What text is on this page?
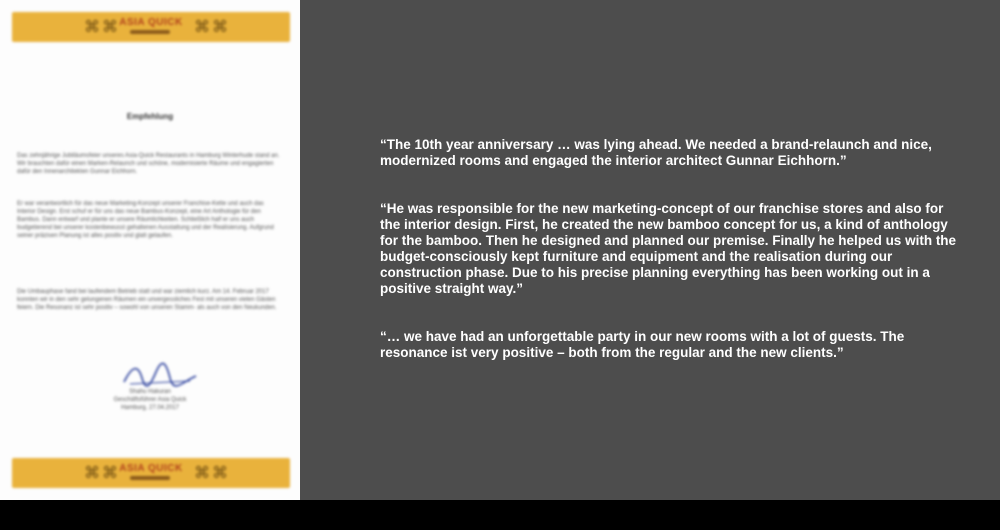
⌘ ⌘ ASIA QUICK ⌘ ⌘
Empfehlung

Das zehnjährige Jubiläumsfeier unseres Asia-Quick Restaurants in Hamburg Winterhude stand an. Wir brauchten dafür einen Marken-Relaunch und schöne, modernisierte Räume und engagierten dafür den Innenarchitekten Gunnar Eichhorn.

Er war verantwortlich für das neue Marketing-Konzept unserer Franchise-Kette und auch das Interior Design. Erst schuf er für uns das neue Bambus-Konzept, eine Art Anthologie für den Bambus. Dann entwarf und plante er unsere Räumlichkeiten. Schließlich half er uns auch budgetierend bei unserer kostenbewusst gehaltenen Ausstattung und der Realisierung. Aufgrund seiner präzisen Planung ist alles positiv und glatt gelaufen.

Die Umbauphase fand bei laufendem Betrieb statt und war ziemlich kurz. Am 14. Februar 2017 konnten wir in den sehr gelungenen Räumen ein unvergessliches Fest mit unseren vielen Gästen feiern. Die Resonanz ist sehr positiv – sowohl von unseren Stamm- als auch von den Neukunden.

Shahu Hakuran
Geschäftsführer Asia Quick
Hamburg, 27.04.2017
⌘ ⌘ ASIA QUICK ⌘ ⌘

“The 10th year anniversary … was lying ahead. We needed a brand-relaunch and nice, modernized rooms and engaged the interior architect Gunnar Eichhorn.”

“He was responsible for the new marketing-concept of our franchise stores and also for the interior design. First, he created the new bamboo concept for us, a kind of anthology for the bamboo. Then he designed and planned our premise. Finally he helped us with the budget-consciously kept furniture and equipment and the realisation during our construction phase. Due to his precise planning everything has been working out in a positive straight way.”

“… we have had an unforgettable party in our new rooms with a lot of guests. The resonance ist very positive – both from the regular and the new clients.”
